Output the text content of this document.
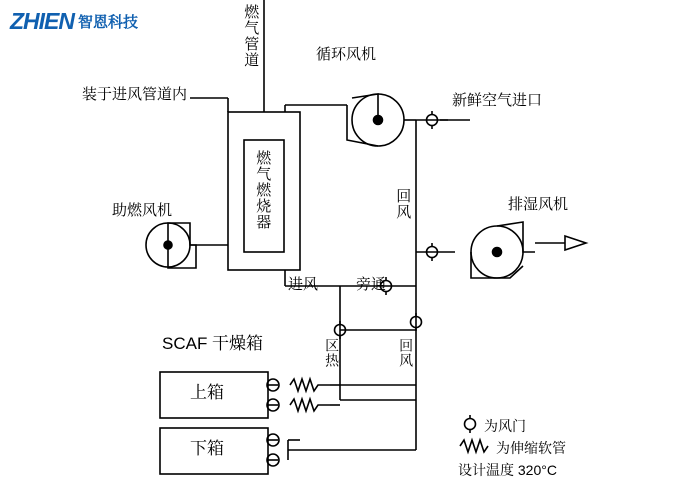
ZHIEN 智恩科技	燃气管道
装于进风管道内
循环风机
新鲜空气进口
助燃风机	燃气燃烧器	排湿风机
回风
进风	旁通
SCAF 干燥箱	区热	回风
上箱
下箱
为风门
为伸缩软管
设计温度 320°C
